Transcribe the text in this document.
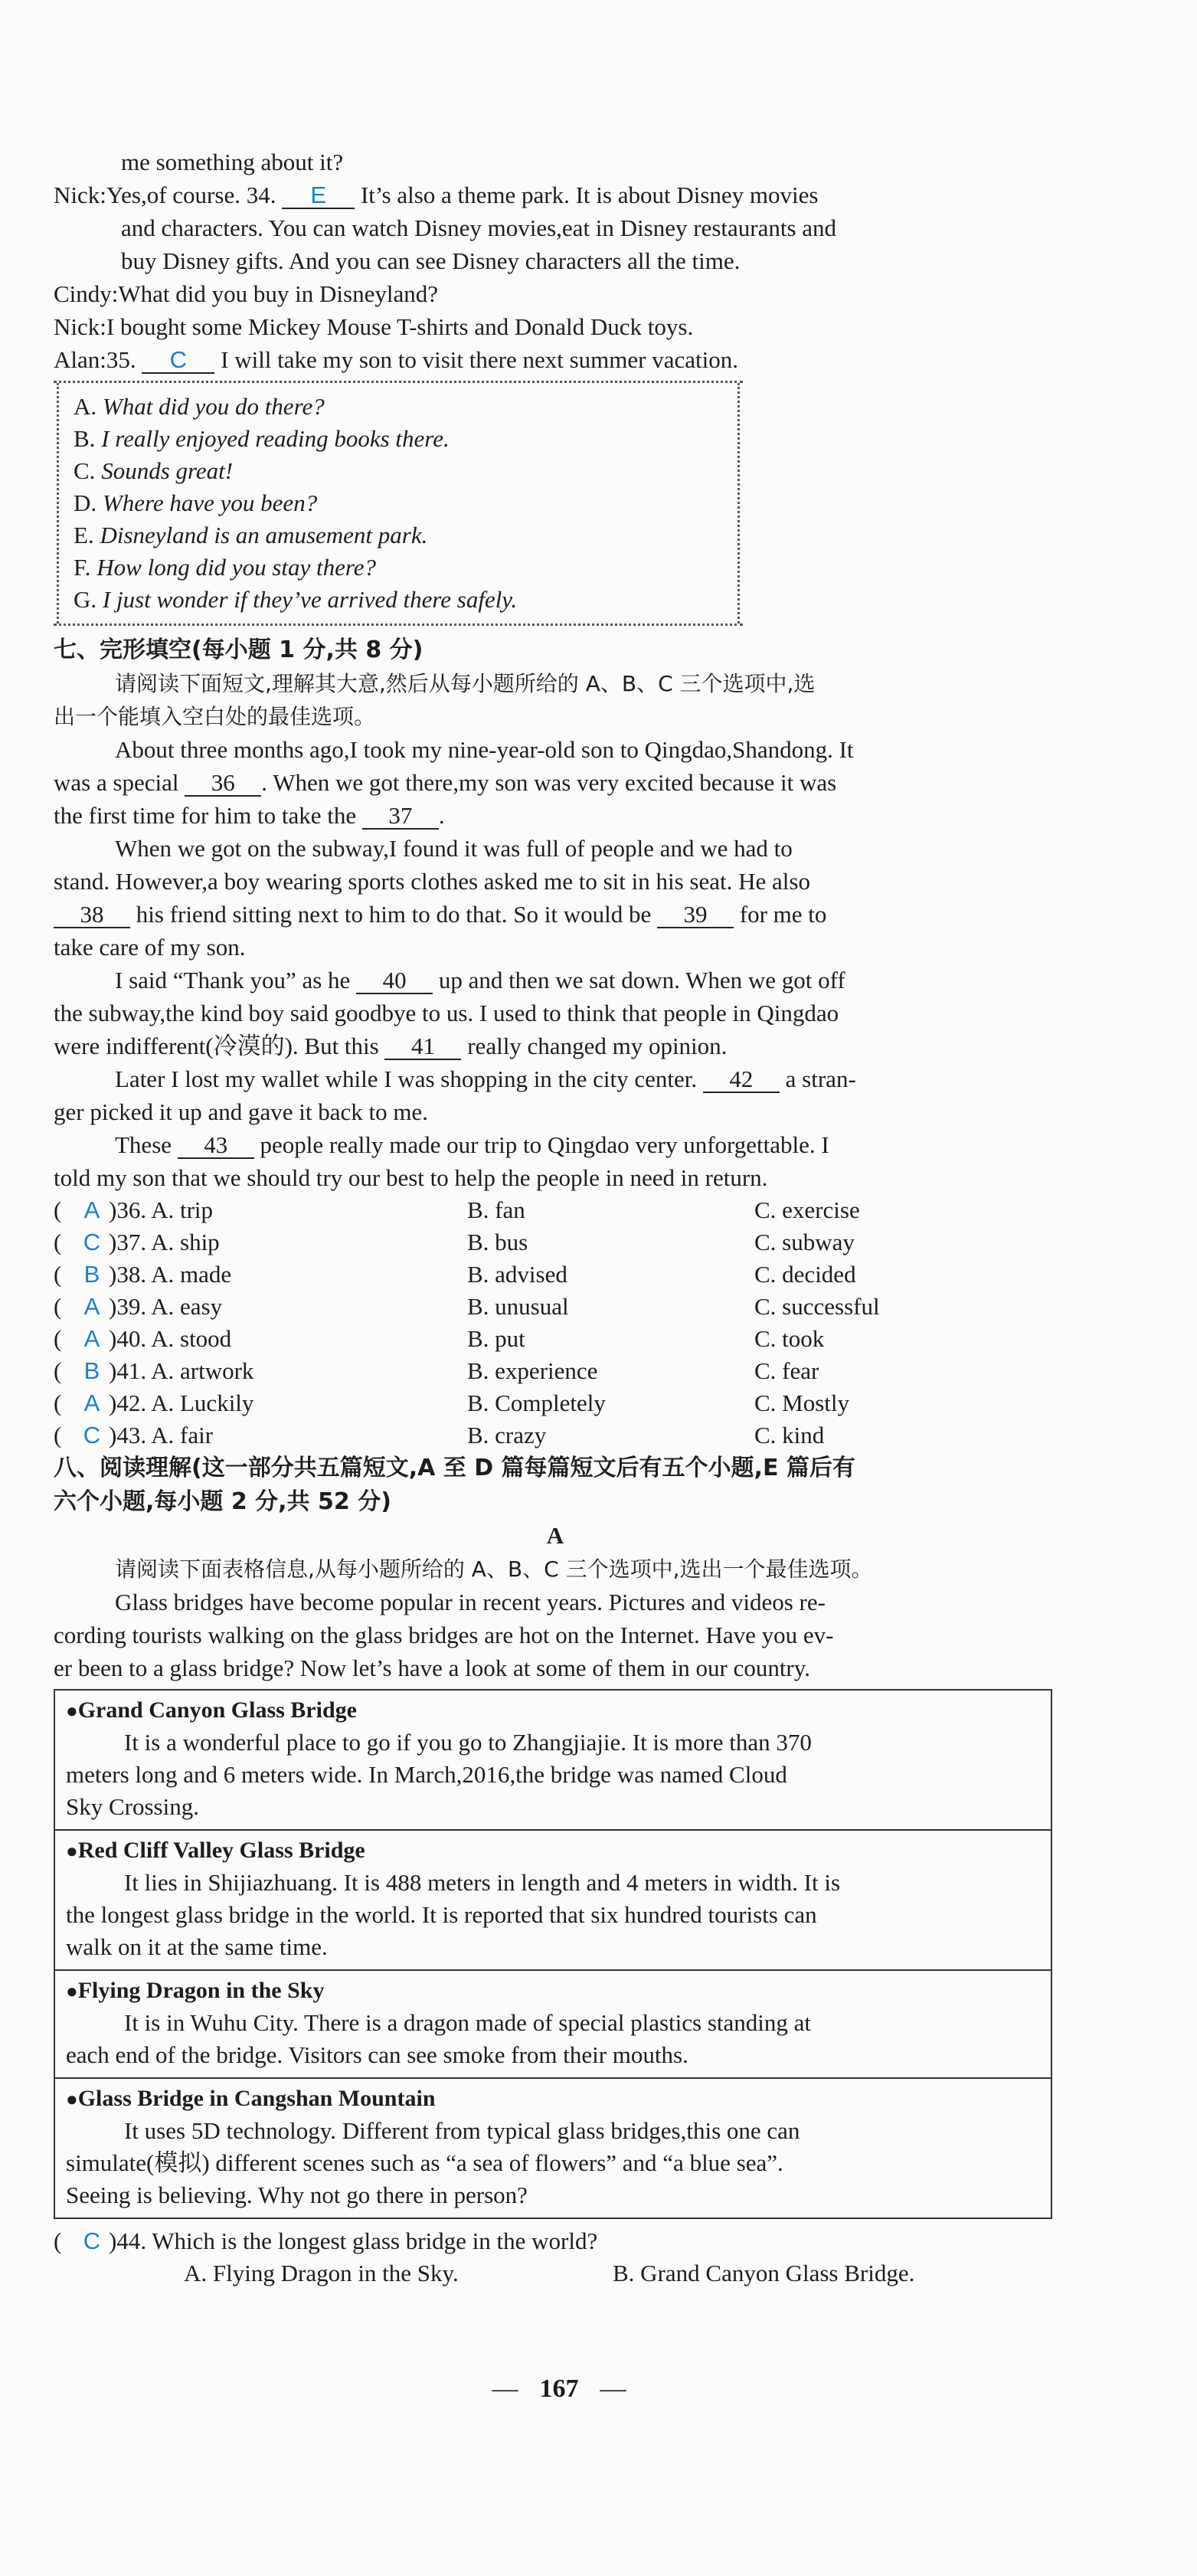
me something about it?
Nick:Yes,of course. 34. E It’s also a theme park. It is about Disney movies
and characters. You can watch Disney movies,eat in Disney restaurants and
buy Disney gifts. And you can see Disney characters all the time.
Cindy:What did you buy in Disneyland?
Nick:I bought some Mickey Mouse T-shirts and Donald Duck toys.
Alan:35. C I will take my son to visit there next summer vacation.
A. What did you do there?
B. I really enjoyed reading books there.
C. Sounds great!
D. Where have you been?
E. Disneyland is an amusement park.
F. How long did you stay there?
G. I just wonder if they’ve arrived there safely.
七、完形填空(每小题 1 分,共 8 分)
请阅读下面短文,理解其大意,然后从每小题所给的 A、B、C 三个选项中,选
出一个能填入空白处的最佳选项。
About three months ago,I took my nine-year-old son to Qingdao,Shandong. It
was a special 36 . When we got there,my son was very excited because it was
the first time for him to take the 37 .
When we got on the subway,I found it was full of people and we had to
stand. However,a boy wearing sports clothes asked me to sit in his seat. He also
38 his friend sitting next to him to do that. So it would be 39 for me to
take care of my son.
I said “Thank you” as he 40 up and then we sat down. When we got off
the subway,the kind boy said goodbye to us. I used to think that people in Qingdao
were indifferent(冷漠的). But this 41 really changed my opinion.
Later I lost my wallet while I was shopping in the city center. 42 a stran-
ger picked it up and gave it back to me.
These 43 people really made our trip to Qingdao very unforgettable. I
told my son that we should try our best to help the people in need in return.
( A )36. A. trip	B. fan	C. exercise
( C )37. A. ship	B. bus	C. subway
( B )38. A. made	B. advised	C. decided
( A )39. A. easy	B. unusual	C. successful
( A )40. A. stood	B. put	C. took
( B )41. A. artwork	B. experience	C. fear
( A )42. A. Luckily	B. Completely	C. Mostly
( C )43. A. fair	B. crazy	C. kind
八、阅读理解(这一部分共五篇短文,A 至 D 篇每篇短文后有五个小题,E 篇后有
六个小题,每小题 2 分,共 52 分)
A
请阅读下面表格信息,从每小题所给的 A、B、C 三个选项中,选出一个最佳选项。
Glass bridges have become popular in recent years. Pictures and videos re-
cording tourists walking on the glass bridges are hot on the Internet. Have you ev-
er been to a glass bridge? Now let’s have a look at some of them in our country.
●Grand Canyon Glass Bridge
It is a wonderful place to go if you go to Zhangjiajie. It is more than 370
meters long and 6 meters wide. In March,2016,the bridge was named Cloud
Sky Crossing.
●Red Cliff Valley Glass Bridge
It lies in Shijiazhuang. It is 488 meters in length and 4 meters in width. It is
the longest glass bridge in the world. It is reported that six hundred tourists can
walk on it at the same time.
●Flying Dragon in the Sky
It is in Wuhu City. There is a dragon made of special plastics standing at
each end of the bridge. Visitors can see smoke from their mouths.
●Glass Bridge in Cangshan Mountain
It uses 5D technology. Different from typical glass bridges,this one can
simulate(模拟) different scenes such as “a sea of flowers” and “a blue sea”.
Seeing is believing. Why not go there in person?
( C )44. Which is the longest glass bridge in the world?
A. Flying Dragon in the Sky.	B. Grand Canyon Glass Bridge.
— 167 —
